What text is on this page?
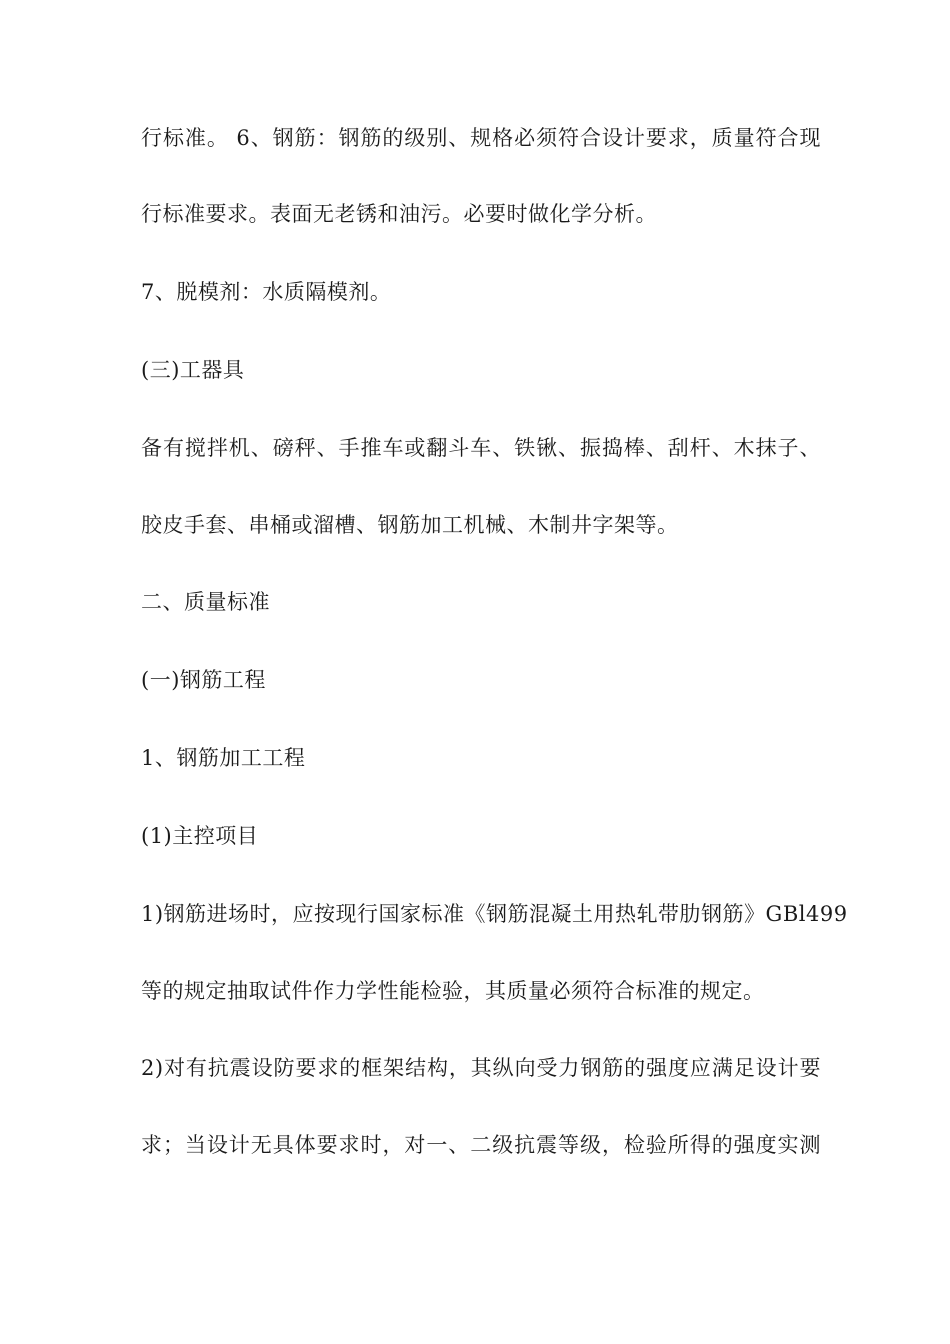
行标准。 6、钢筋：钢筋的级别、规格必须符合设计要求，质量符合现
行标准要求。表面无老锈和油污。必要时做化学分析。
7、脱模剂：水质隔模剂。
(三)工器具
备有搅拌机、磅秤、手推车或翻斗车、铁锹、振捣棒、刮杆、木抹子、
胶皮手套、串桶或溜槽、钢筋加工机械、木制井字架等。
二、质量标准
(一)钢筋工程
1、钢筋加工工程
(1)主控项目
1)钢筋进场时，应按现行国家标准《钢筋混凝土用热轧带肋钢筋》GBl499
等的规定抽取试件作力学性能检验，其质量必须符合标准的规定。
2)对有抗震设防要求的框架结构，其纵向受力钢筋的强度应满足设计要
求；当设计无具体要求时，对一、二级抗震等级，检验所得的强度实测
